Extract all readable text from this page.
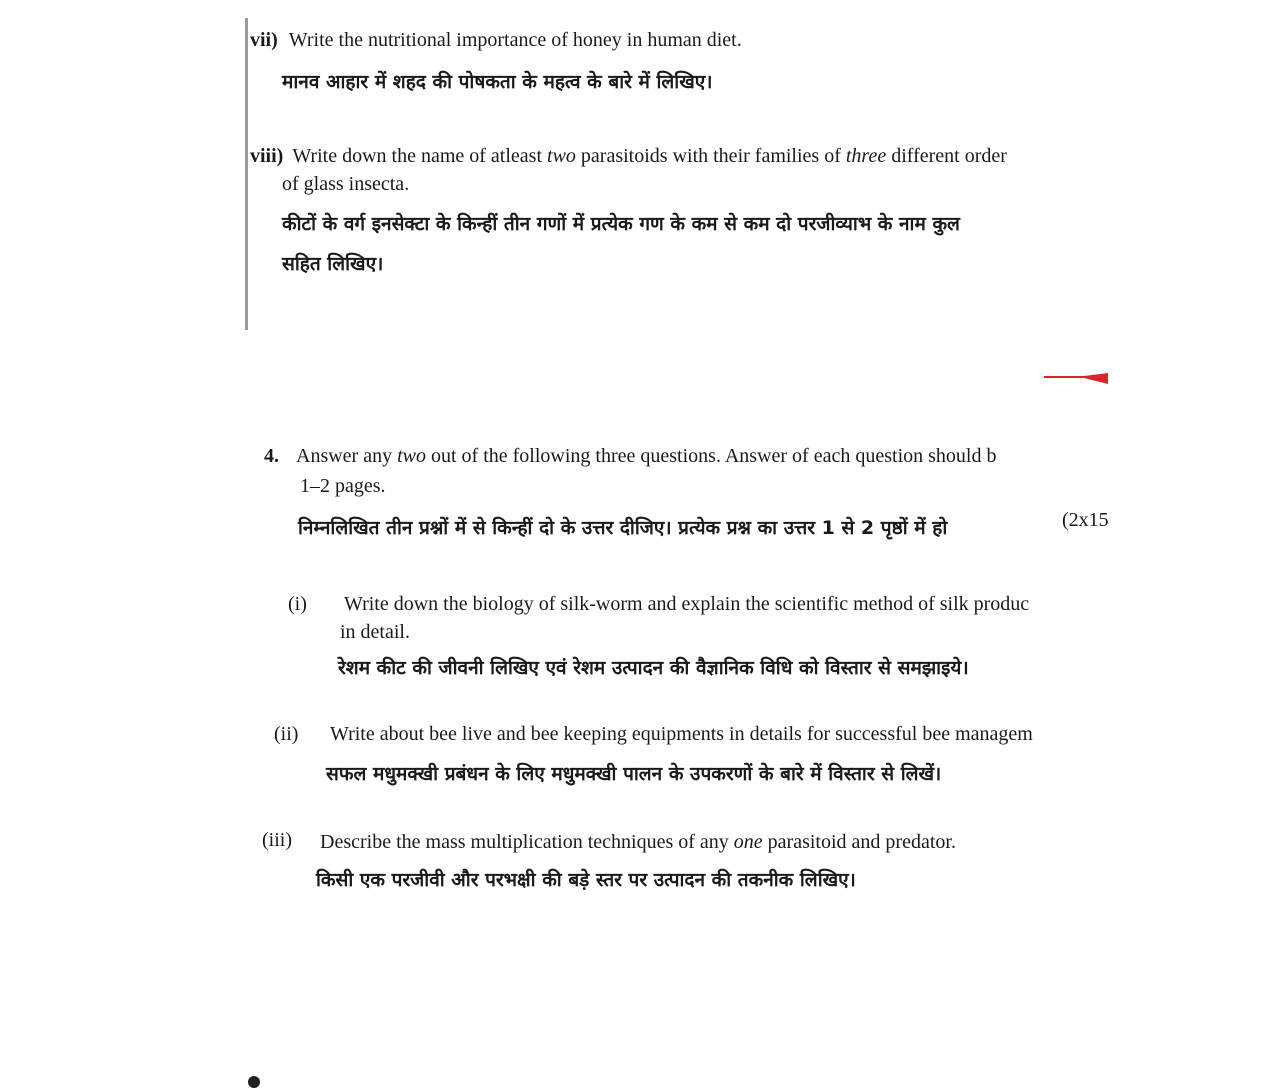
vii) Write the nutritional importance of honey in human diet.
मानव आहार में शहद की पोषकता के महत्व के बारे में लिखिए।
viii) Write down the name of atleast two parasitoids with their families of three different order
of glass insecta.
कीटों के वर्ग इनसेक्टा के किन्हीं तीन गणों में प्रत्येक गण के कम से कम दो परजीव्याभ के नाम कुल
सहित लिखिए।
4. Answer any two out of the following three questions. Answer of each question should b
1–2 pages.
(2x15
निम्नलिखित तीन प्रश्नों में से किन्हीं दो के उत्तर दीजिए। प्रत्येक प्रश्न का उत्तर 1 से 2 पृष्ठों में हो
(i) Write down the biology of silk-worm and explain the scientific method of silk produc
in detail.
रेशम कीट की जीवनी लिखिए एवं रेशम उत्पादन की वैज्ञानिक विधि को विस्तार से समझाइये।
(ii) Write about bee live and bee keeping equipments in details for successful bee managem
सफल मधुमक्खी प्रबंधन के लिए मधुमक्खी पालन के उपकरणों के बारे में विस्तार से लिखें।
(iii) Describe the mass multiplication techniques of any one parasitoid and predator.
किसी एक परजीवी और परभक्षी की बड़े स्तर पर उत्पादन की तकनीक लिखिए।
